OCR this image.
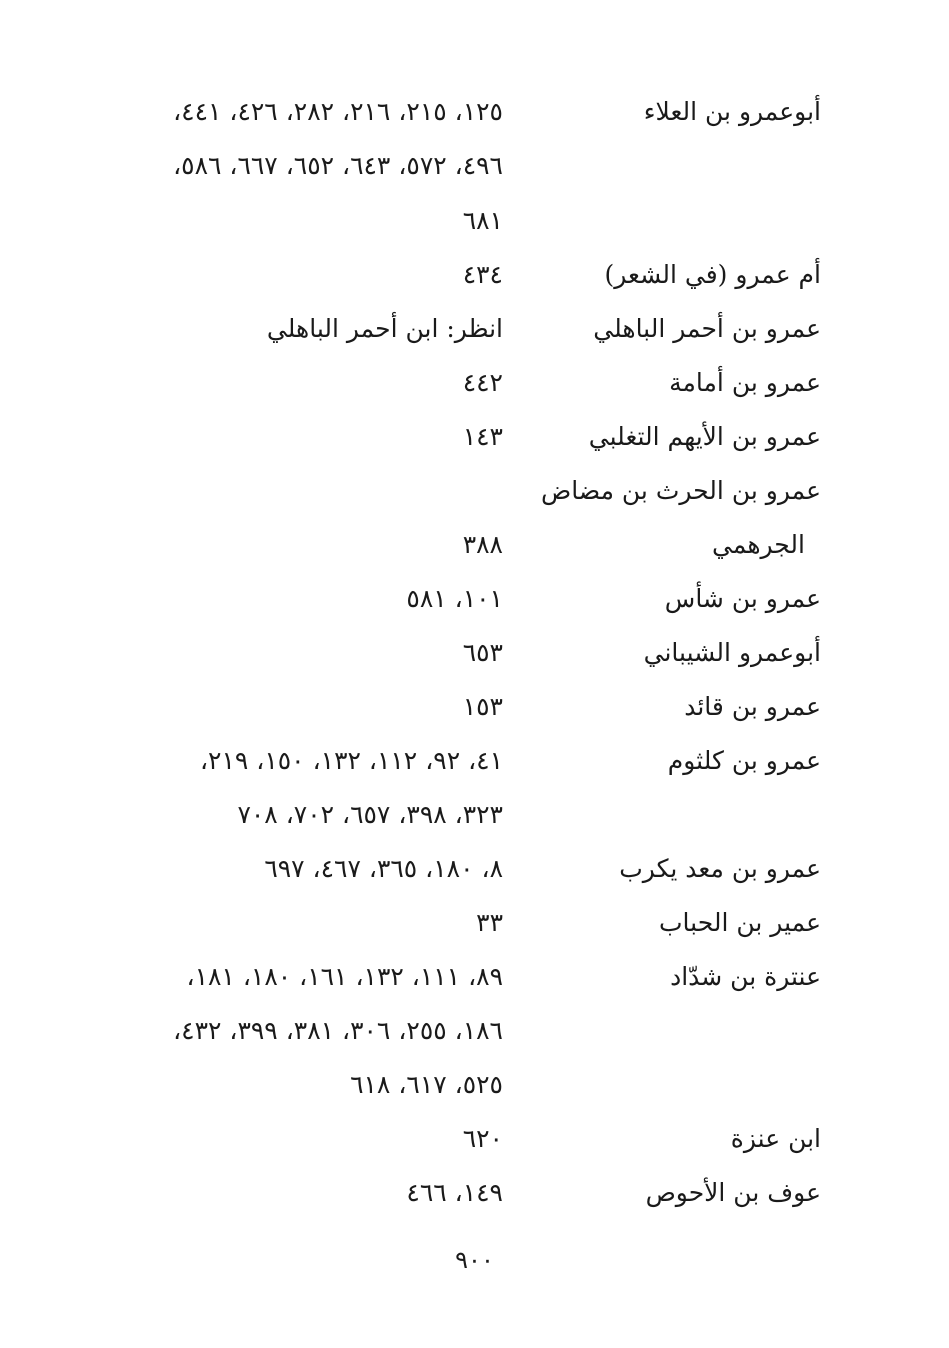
أبوعمرو بن العلاء
١٢٥، ٢١٥، ٢١٦، ٢٨٢، ٤٢٦، ٤٤١،
٤٩٦، ٥٧٢، ٦٤٣، ٦٥٢، ٦٦٧، ٥٨٦،
٦٨١
أم عمرو (في الشعر)
٤٣٤
عمرو بن أحمر الباهلي
انظر: ابن أحمر الباهلي
عمرو بن أمامة
٤٤٢
عمرو بن الأيهم التغلبي
١٤٣
عمرو بن الحرث بن مضاض
الجرهمي
٣٨٨
عمرو بن شأس
١٠١، ٥٨١
أبوعمرو الشيباني
٦٥٣
عمرو بن قائد
١٥٣
عمرو بن كلثوم
٤١، ٩٢، ١١٢، ١٣٢، ١٥٠، ٢١٩،
٣٢٣، ٣٩٨، ٦٥٧، ٧٠٢، ٧٠٨
عمرو بن معد يكرب
٨، ١٨٠، ٣٦٥، ٤٦٧، ٦٩٧
عمير بن الحباب
٣٣
عنترة بن شدّاد
٨٩، ١١١، ١٣٢، ١٦١، ١٨٠، ١٨١،
١٨٦، ٢٥٥، ٣٠٦، ٣٨١، ٣٩٩، ٤٣٢،
٥٢٥، ٦١٧، ٦١٨
ابن عنزة
٦٢٠
عوف بن الأحوص
١٤٩، ٤٦٦
٩٠٠
